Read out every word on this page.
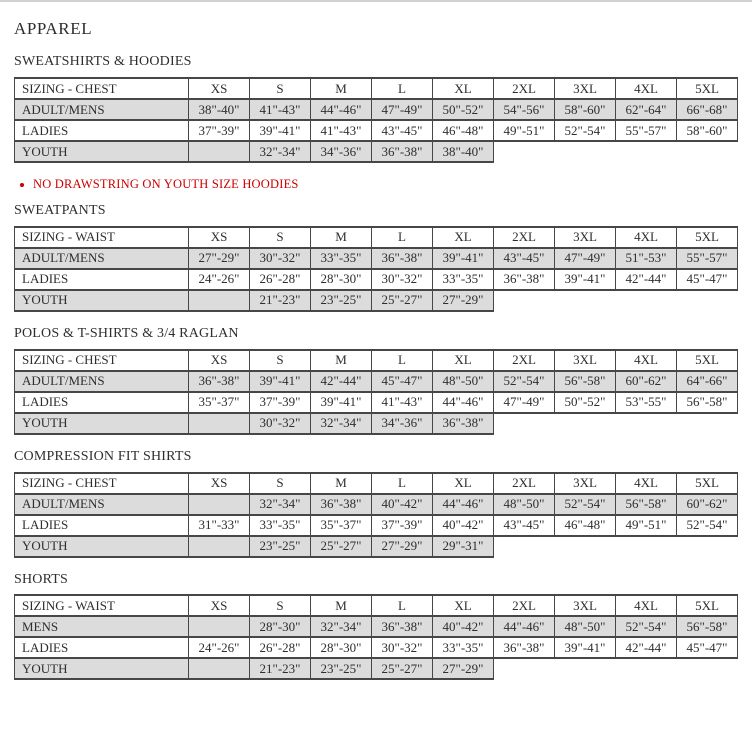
APPAREL
SWEATSHIRTS & HOODIES
SIZING - CHEST	XS	S	M	L	XL	2XL	3XL	4XL	5XL
ADULT/MENS	38"-40"	41"-43"	44"-46"	47"-49"	50"-52"	54"-56"	58"-60"	62"-64"	66"-68"
LADIES	37"-39"	39"-41"	41"-43"	43"-45"	46"-48"	49"-51"	52"-54"	55"-57"	58"-60"
YOUTH		32"-34"	34"-36"	36"-38"	38"-40"				
NO DRAWSTRING ON YOUTH SIZE HOODIES
SWEATPANTS
SIZING - WAIST	XS	S	M	L	XL	2XL	3XL	4XL	5XL
ADULT/MENS	27"-29"	30"-32"	33"-35"	36"-38"	39"-41"	43"-45"	47"-49"	51"-53"	55"-57"
LADIES	24"-26"	26"-28"	28"-30"	30"-32"	33"-35"	36"-38"	39"-41"	42"-44"	45"-47"
YOUTH		21"-23"	23"-25"	25"-27"	27"-29"				
POLOS & T-SHIRTS & 3/4 RAGLAN
SIZING - CHEST	XS	S	M	L	XL	2XL	3XL	4XL	5XL
ADULT/MENS	36"-38"	39"-41"	42"-44"	45"-47"	48"-50"	52"-54"	56"-58"	60"-62"	64"-66"
LADIES	35"-37"	37"-39"	39"-41"	41"-43"	44"-46"	47"-49"	50"-52"	53"-55"	56"-58"
YOUTH		30"-32"	32"-34"	34"-36"	36"-38"				
COMPRESSION FIT SHIRTS
SIZING - CHEST	XS	S	M	L	XL	2XL	3XL	4XL	5XL
ADULT/MENS		32"-34"	36"-38"	40"-42"	44"-46"	48"-50"	52"-54"	56"-58"	60"-62"
LADIES	31"-33"	33"-35"	35"-37"	37"-39"	40"-42"	43"-45"	46"-48"	49"-51"	52"-54"
YOUTH		23"-25"	25"-27"	27"-29"	29"-31"				
SHORTS
SIZING - WAIST	XS	S	M	L	XL	2XL	3XL	4XL	5XL
MENS		28"-30"	32"-34"	36"-38"	40"-42"	44"-46"	48"-50"	52"-54"	56"-58"
LADIES	24"-26"	26"-28"	28"-30"	30"-32"	33"-35"	36"-38"	39"-41"	42"-44"	45"-47"
YOUTH		21"-23"	23"-25"	25"-27"	27"-29"				
